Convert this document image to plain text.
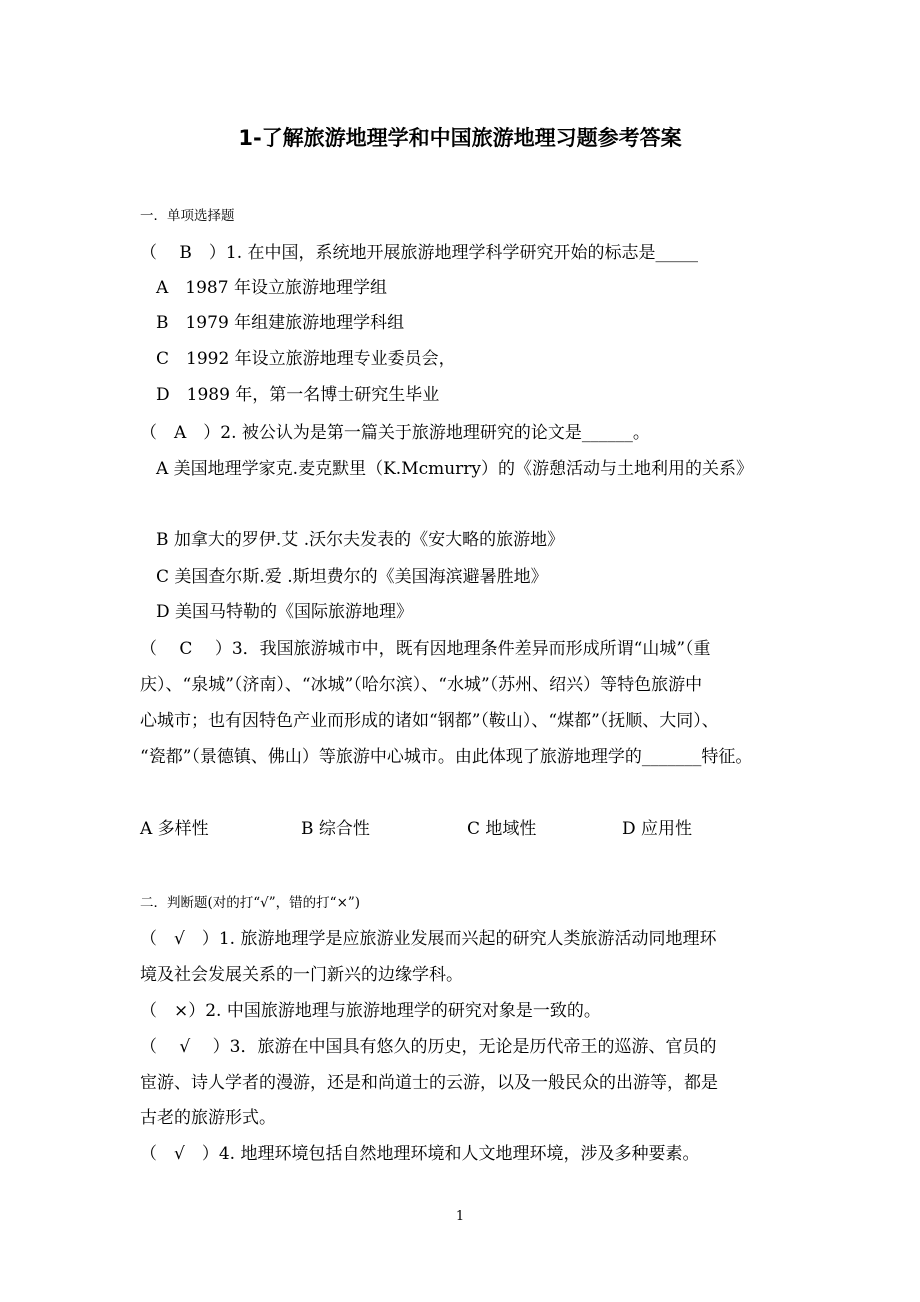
1-了解旅游地理学和中国旅游地理习题参考答案
一．单项选择题
（　 B　）1. 在中国，系统地开展旅游地理学科学研究开始的标志是_____
A　1987 年设立旅游地理学组
B　1979 年组建旅游地理学科组
C　1992 年设立旅游地理专业委员会，
D　1989 年，第一名博士研究生毕业
（　A　）2. 被公认为是第一篇关于旅游地理研究的论文是______。
A 美国地理学家克.麦克默里（K.Mcmurry）的《游憩活动与土地利用的关系》
B 加拿大的罗伊.艾 .沃尔夫发表的《安大略的旅游地》
C 美国查尔斯.爱 .斯坦费尔的《美国海滨避暑胜地》
D 美国马特勒的《国际旅游地理》
（　 C　 ）3．我国旅游城市中，既有因地理条件差异而形成所谓“山城”（重
庆）、“泉城”（济南）、“冰城”（哈尔滨）、“水城”（苏州、绍兴）等特色旅游中
心城市；也有因特色产业而形成的诸如“钢都”（鞍山）、“煤都”（抚顺、大同）、
“瓷都”（景德镇、佛山）等旅游中心城市。由此体现了旅游地理学的_______特征。
A 多样性	B 综合性	C 地域性	D 应用性
二．判断题(对的打“√”，错的打“×”)
（　√　）1. 旅游地理学是应旅游业发展而兴起的研究人类旅游活动同地理环
境及社会发展关系的一门新兴的边缘学科。
（　×）2. 中国旅游地理与旅游地理学的研究对象是一致的。
（　 √　 ）3．旅游在中国具有悠久的历史，无论是历代帝王的巡游、官员的
宦游、诗人学者的漫游，还是和尚道士的云游，以及一般民众的出游等，都是
古老的旅游形式。
（　√　）4. 地理环境包括自然地理环境和人文地理环境，涉及多种要素。
1
